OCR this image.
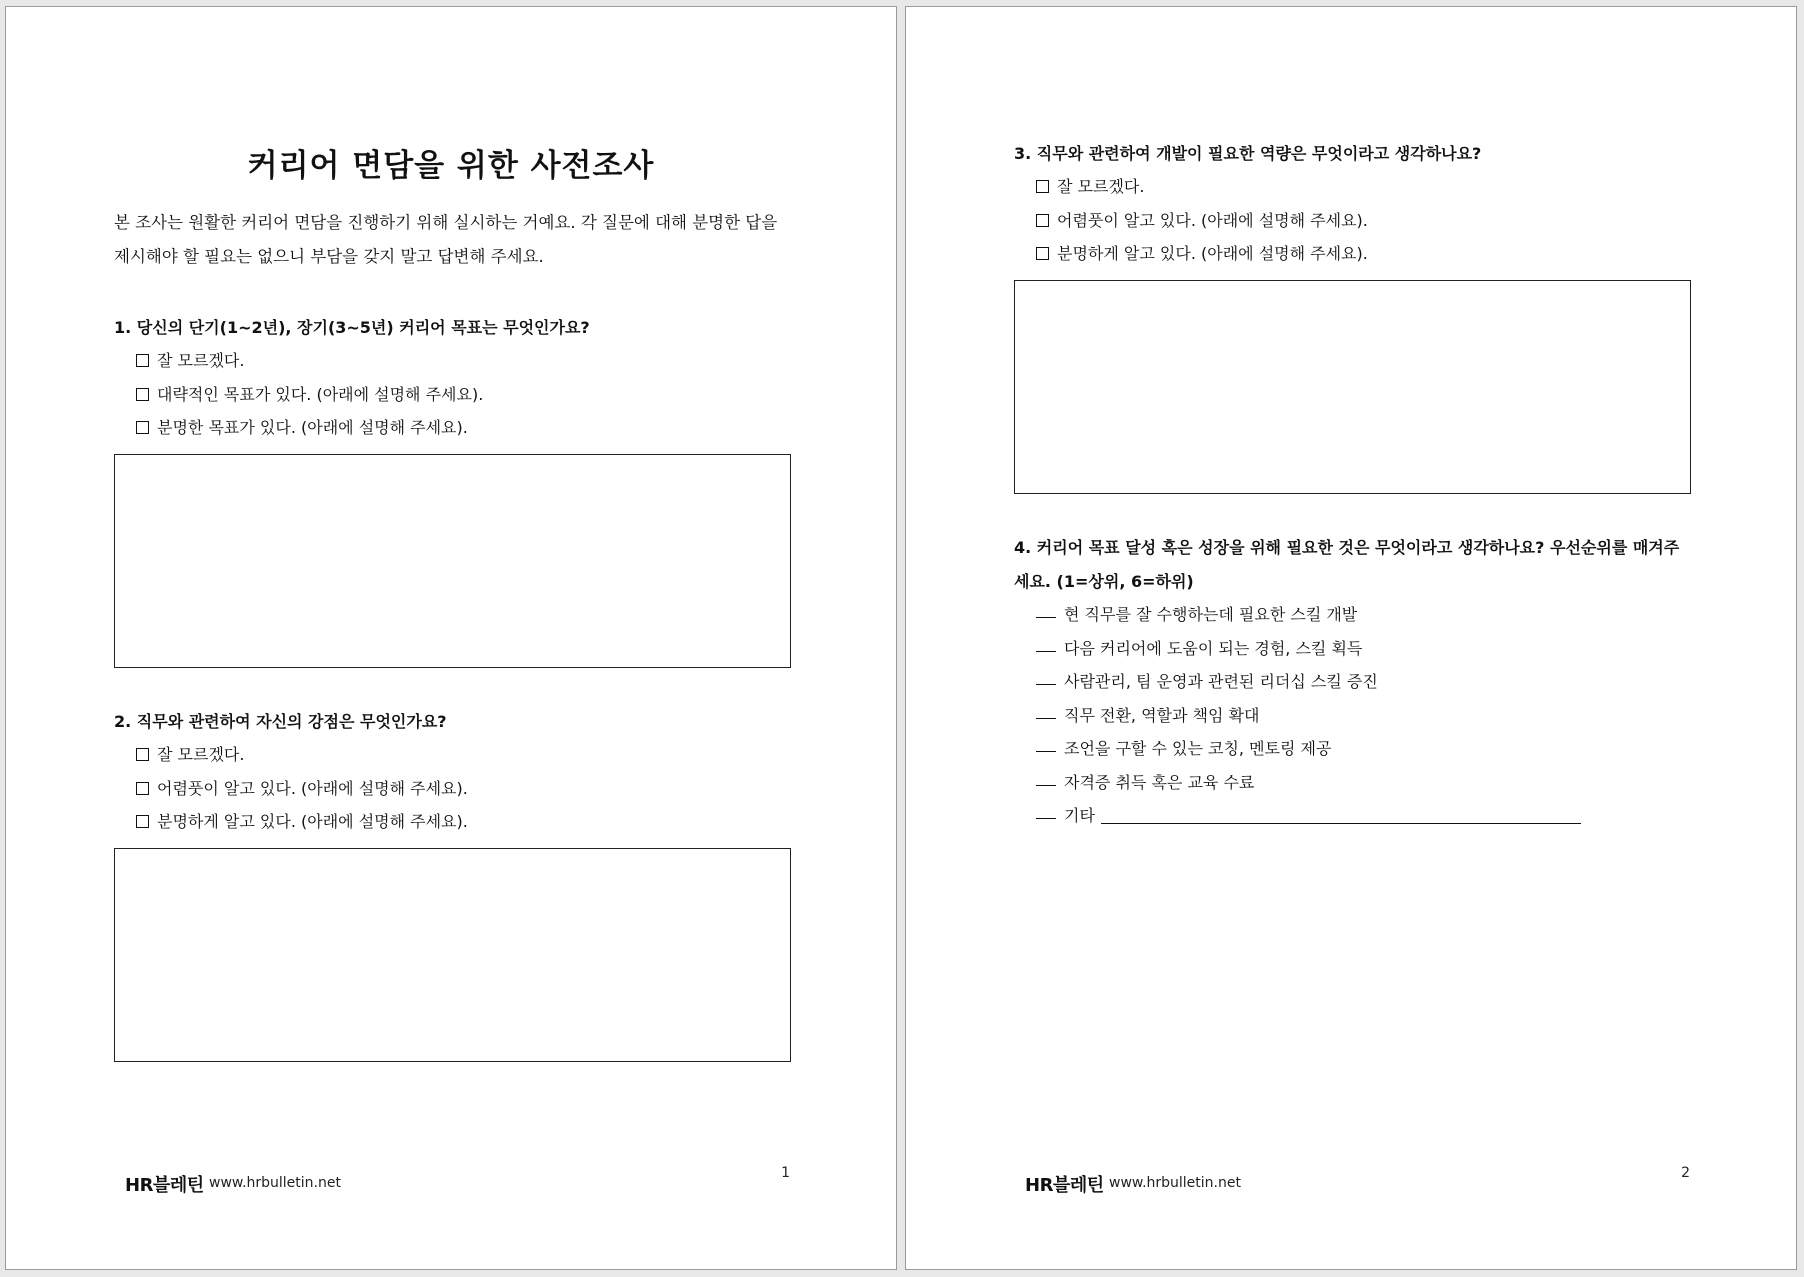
커리어 면담을 위한 사전조사
본 조사는 원활한 커리어 면담을 진행하기 위해 실시하는 거예요. 각 질문에 대해 분명한 답을 제시해야 할 필요는 없으니 부담을 갖지 말고 답변해 주세요.
1. 당신의 단기(1~2년), 장기(3~5년) 커리어 목표는 무엇인가요?
잘 모르겠다.
대략적인 목표가 있다. (아래에 설명해 주세요).
분명한 목표가 있다. (아래에 설명해 주세요).
2. 직무와 관련하여 자신의 강점은 무엇인가요?
잘 모르겠다.
어렴풋이 알고 있다. (아래에 설명해 주세요).
분명하게 알고 있다. (아래에 설명해 주세요).
HR블레틴 www.hrbulletin.net
1
3. 직무와 관련하여 개발이 필요한 역량은 무엇이라고 생각하나요?
잘 모르겠다.
어렴풋이 알고 있다. (아래에 설명해 주세요).
분명하게 알고 있다. (아래에 설명해 주세요).
4. 커리어 목표 달성 혹은 성장을 위해 필요한 것은 무엇이라고 생각하나요? 우선순위를 매겨주세요. (1=상위, 6=하위)
현 직무를 잘 수행하는데 필요한 스킬 개발
다음 커리어에 도움이 되는 경험, 스킬 획득
사람관리, 팀 운영과 관련된 리더십 스킬 증진
직무 전환, 역할과 책임 확대
조언을 구할 수 있는 코칭, 멘토링 제공
자격증 취득 혹은 교육 수료
기타
HR블레틴 www.hrbulletin.net
2
